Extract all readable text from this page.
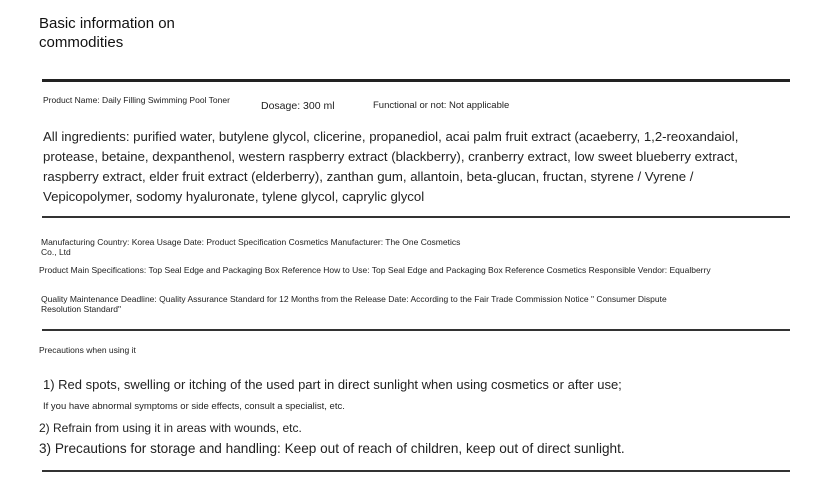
Basic information on commodities
Product Name: Daily Filling Swimming Pool Toner	Dosage: 300 ml	Functional or not: Not applicable
All ingredients: purified water, butylene glycol, clicerine, propanediol, acai palm fruit extract (acaeberry, 1,2-reoxandaiol, protease, betaine, dexpanthenol, western raspberry extract (blackberry), cranberry extract, low sweet blueberry extract, raspberry extract, elder fruit extract (elderberry), zanthan gum, allantoin, beta-glucan, fructan, styrene / Vyrene / Vepicopolymer, sodomy hyaluronate, tylene glycol, caprylic glycol
Manufacturing Country: Korea Usage Date: Product Specification Cosmetics Manufacturer: The One Cosmetics Co., Ltd
Product Main Specifications: Top Seal Edge and Packaging Box Reference How to Use: Top Seal Edge and Packaging Box Reference Cosmetics Responsible Vendor: Equalberry
Quality Maintenance Deadline: Quality Assurance Standard for 12 Months from the Release Date: According to the Fair Trade Commission Notice " Consumer Dispute Resolution Standard"
Precautions when using it
1) Red spots, swelling or itching of the used part in direct sunlight when using cosmetics or after use;
If you have abnormal symptoms or side effects, consult a specialist, etc.
2) Refrain from using it in areas with wounds, etc.
3) Precautions for storage and handling: Keep out of reach of children, keep out of direct sunlight.
